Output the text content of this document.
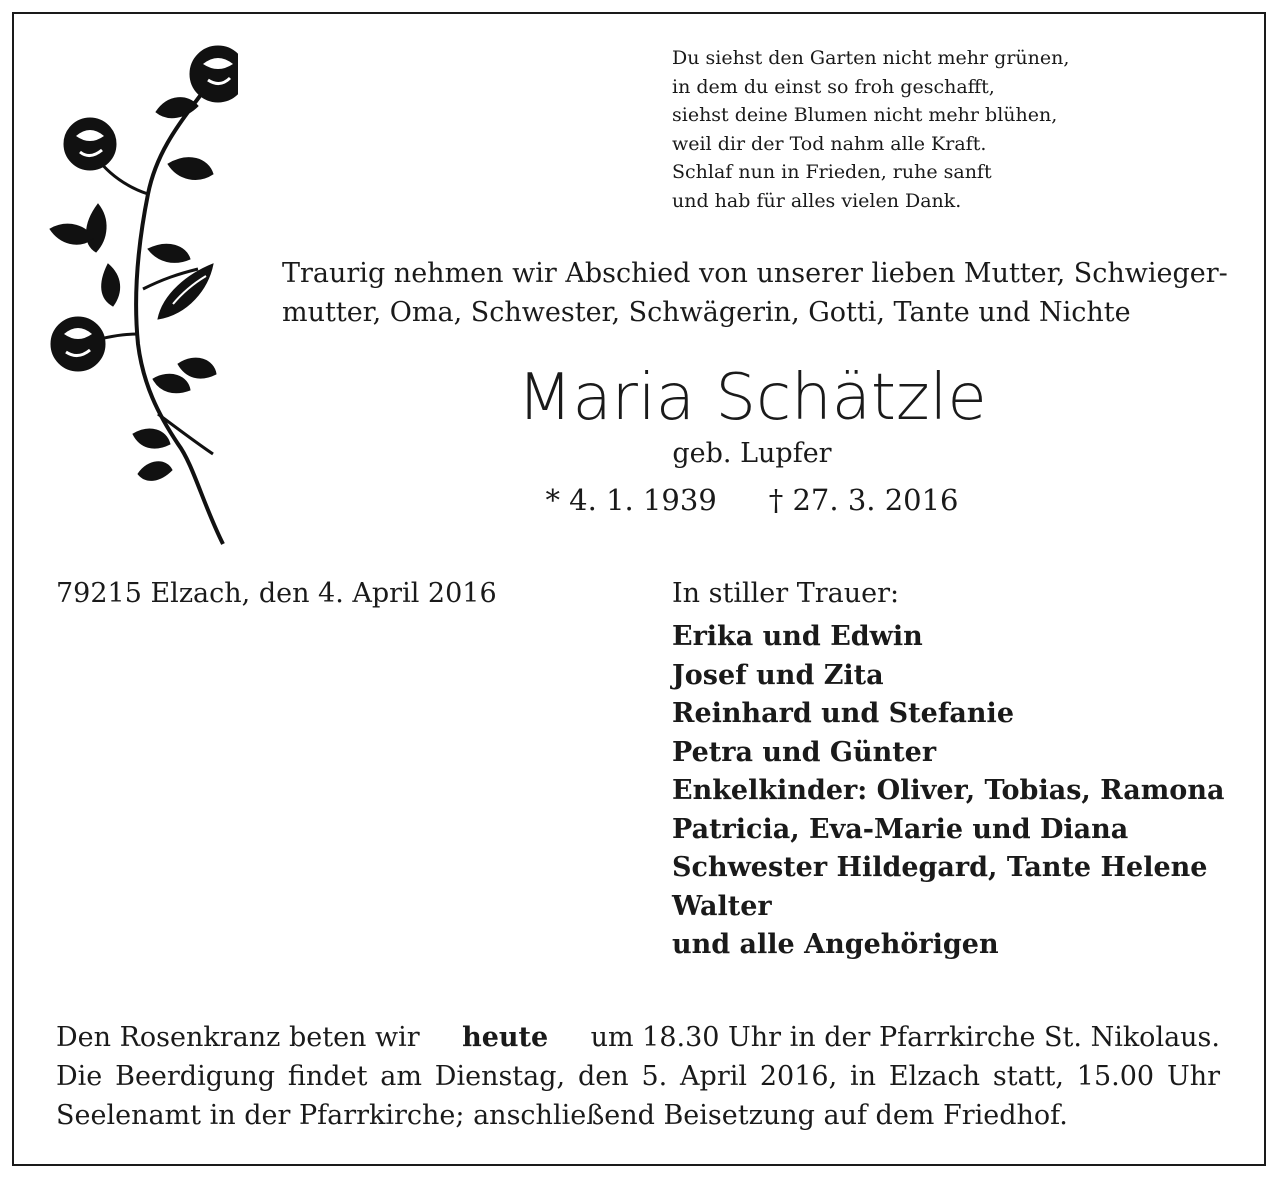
Du siehst den Garten nicht mehr grünen,
in dem du einst so froh geschafft,
siehst deine Blumen nicht mehr blühen,
weil dir der Tod nahm alle Kraft.
Schlaf nun in Frieden, ruhe sanft
und hab für alles vielen Dank.
Traurig nehmen wir Abschied von unserer lieben Mutter, Schwieger-
mutter, Oma, Schwester, Schwägerin, Gotti, Tante und Nichte
Maria Schätzle
geb. Lupfer
* 4. 1. 1939 † 27. 3. 2016
79215 Elzach, den 4. April 2016	In stiller Trauer:
Erika und Edwin
Josef und Zita
Reinhard und Stefanie
Petra und Günter
Enkelkinder: Oliver, Tobias, Ramona
Patricia, Eva-Marie und Diana
Schwester Hildegard, Tante Helene
Walter
und alle Angehörigen
Den Rosenkranz beten wir heute um 18.30 Uhr in der Pfarrkirche St. Nikolaus.
Die Beerdigung findet am Dienstag, den 5. April 2016, in Elzach statt, 15.00 Uhr
Seelenamt in der Pfarrkirche; anschließend Beisetzung auf dem Friedhof.
